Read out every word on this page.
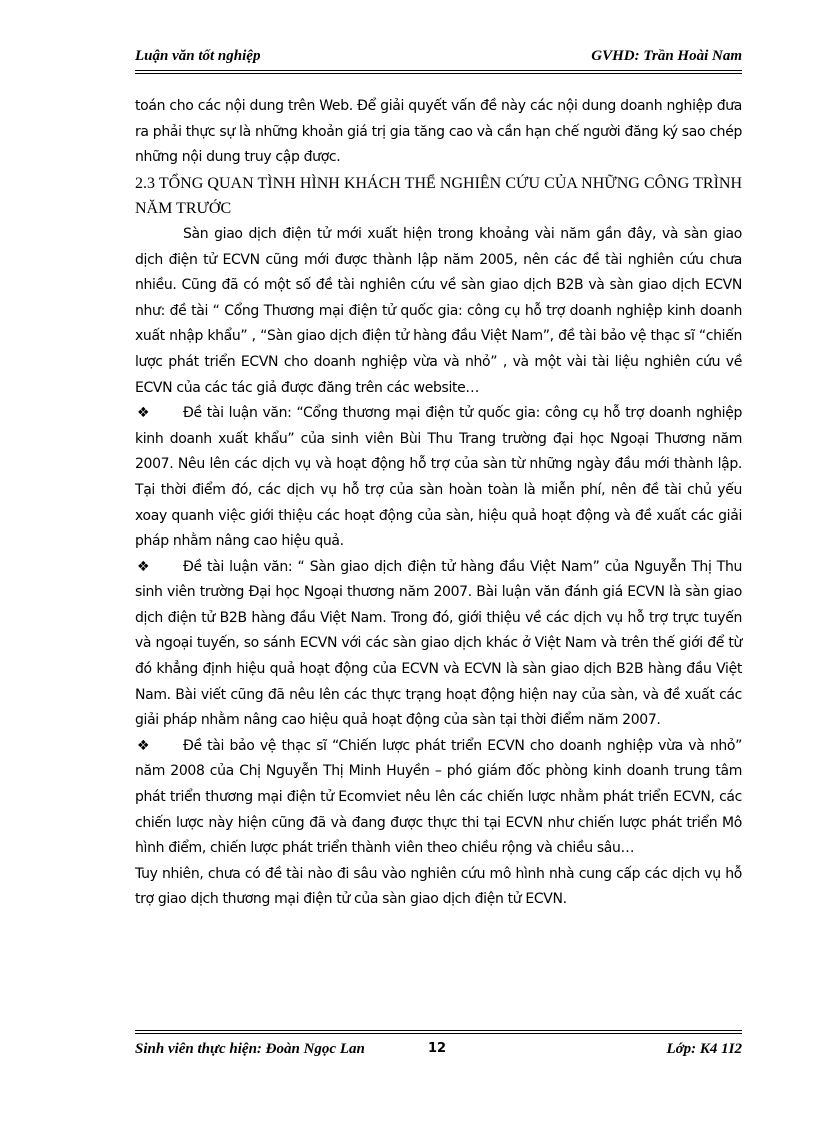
Luận văn tốt nghiệp	GVHD: Trần Hoài Nam

toán cho các nội dung trên Web. Để giải quyết vấn đề này các nội dung doanh nghiệp đưa ra phải thực sự là những khoản giá trị gia tăng cao và cần hạn chế người đăng ký sao chép những nội dung truy cập được.

2.3 TỔNG QUAN TÌNH HÌNH KHÁCH THỂ NGHIÊN CỨU CỦA NHỮNG CÔNG TRÌNH NĂM TRƯỚC

Sàn giao dịch điện tử mới xuất hiện trong khoảng vài năm gần đây, và sàn giao dịch điện tử ECVN cũng mới được thành lập năm 2005, nên các đề tài nghiên cứu chưa nhiều. Cũng đã có một số đề tài nghiên cứu về sàn giao dịch B2B và sàn giao dịch ECVN như: đề tài “ Cổng Thương mại điện tử quốc gia: công cụ hỗ trợ doanh nghiệp kinh doanh xuất nhập khẩu” , “Sàn giao dịch điện tử hàng đầu Việt Nam”, đề tài bảo vệ thạc sĩ “chiến lược phát triển ECVN cho doanh nghiệp vừa và nhỏ” , và một vài tài liệu nghiên cứu về ECVN của các tác giả được đăng trên các website…

❖ Đề tài luận văn: “Cổng thương mại điện tử quốc gia: công cụ hỗ trợ doanh nghiệp kinh doanh xuất khẩu” của sinh viên Bùi Thu Trang trường đại học Ngoại Thương năm 2007. Nêu lên các dịch vụ và hoạt động hỗ trợ của sàn từ những ngày đầu mới thành lập. Tại thời điểm đó, các dịch vụ hỗ trợ của sàn hoàn toàn là miễn phí, nên đề tài chủ yếu xoay quanh việc giới thiệu các hoạt động của sàn, hiệu quả hoạt động và đề xuất các giải pháp nhằm nâng cao hiệu quả.

❖ Đề tài luận văn: “ Sàn giao dịch điện tử hàng đầu Việt Nam” của Nguyễn Thị Thu sinh viên trường Đại học Ngoại thương năm 2007. Bài luận văn đánh giá ECVN là sàn giao dịch điện tử B2B hàng đầu Việt Nam. Trong đó, giới thiệu về các dịch vụ hỗ trợ trực tuyến và ngoại tuyến, so sánh ECVN với các sàn giao dịch khác ở Việt Nam và trên thế giới để từ đó khẳng định hiệu quả hoạt động của ECVN và ECVN là sàn giao dịch B2B hàng đầu Việt Nam. Bài viết cũng đã nêu lên các thực trạng hoạt động hiện nay của sàn, và đề xuất các giải pháp nhằm nâng cao hiệu quả hoạt động của sàn tại thời điểm năm 2007.

❖ Đề tài bảo vệ thạc sĩ “Chiến lược phát triển ECVN cho doanh nghiệp vừa và nhỏ” năm 2008 của Chị Nguyễn Thị Minh Huyền – phó giám đốc phòng kinh doanh trung tâm phát triển thương mại điện tử Ecomviet nêu lên các chiến lược nhằm phát triển ECVN, các chiến lược này hiện cũng đã và đang được thực thi tại ECVN như chiến lược phát triển Mô hình điểm, chiến lược phát triển thành viên theo chiều rộng và chiều sâu…

Tuy nhiên, chưa có đề tài nào đi sâu vào nghiên cứu mô hình nhà cung cấp các dịch vụ hỗ trợ giao dịch thương mại điện tử của sàn giao dịch điện tử ECVN.

Sinh viên thực hiện: Đoàn Ngọc Lan	12	Lớp: K4 1I2
